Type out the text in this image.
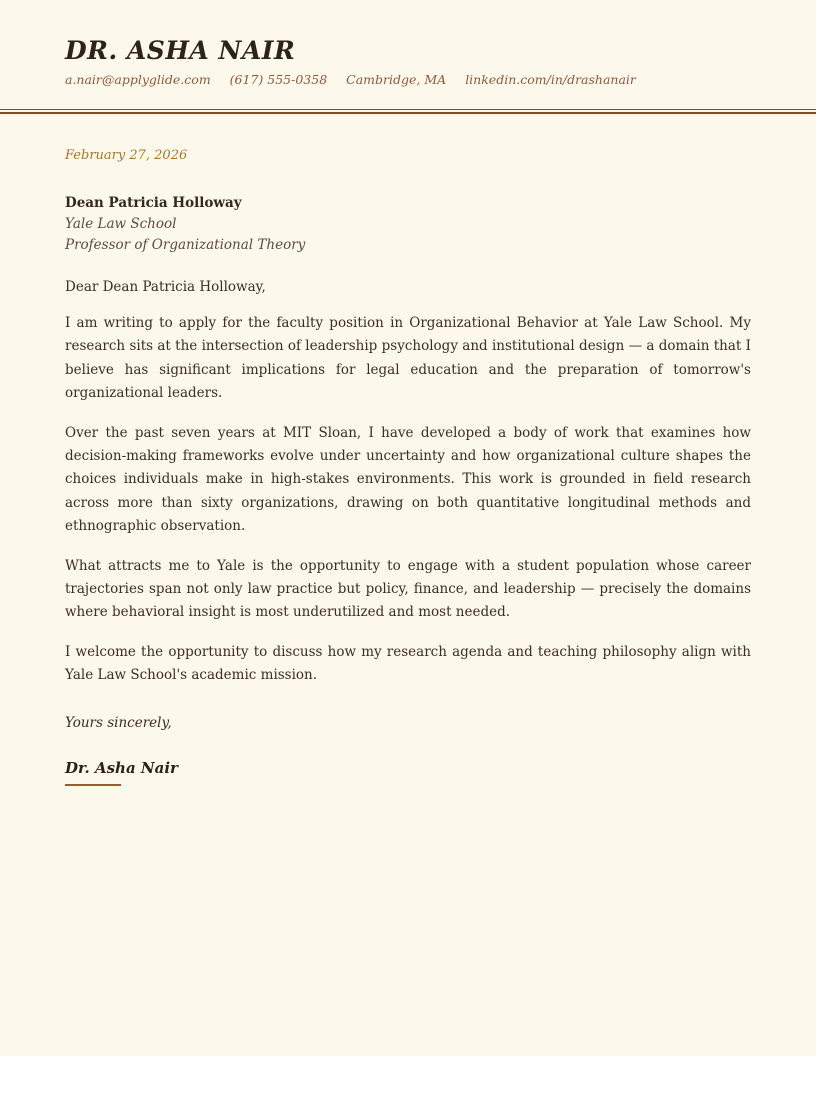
DR. ASHA NAIR
a.nair@applyglide.com (617) 555-0358 Cambridge, MA linkedin.com/in/drashanair
February 27, 2026
Dean Patricia Holloway
Yale Law School
Professor of Organizational Theory

Dear Dean Patricia Holloway,

I am writing to apply for the faculty position in Organizational Behavior at Yale Law School. My research sits at the intersection of leadership psychology and institutional design — a domain that I believe has significant implications for legal education and the preparation of tomorrow's organizational leaders.

Over the past seven years at MIT Sloan, I have developed a body of work that examines how decision-making frameworks evolve under uncertainty and how organizational culture shapes the choices individuals make in high-stakes environments. This work is grounded in field research across more than sixty organizations, drawing on both quantitative longitudinal methods and ethnographic observation.

What attracts me to Yale is the opportunity to engage with a student population whose career trajectories span not only law practice but policy, finance, and leadership — precisely the domains where behavioral insight is most underutilized and most needed.

I welcome the opportunity to discuss how my research agenda and teaching philosophy align with Yale Law School's academic mission.

Yours sincerely,

Dr. Asha Nair
